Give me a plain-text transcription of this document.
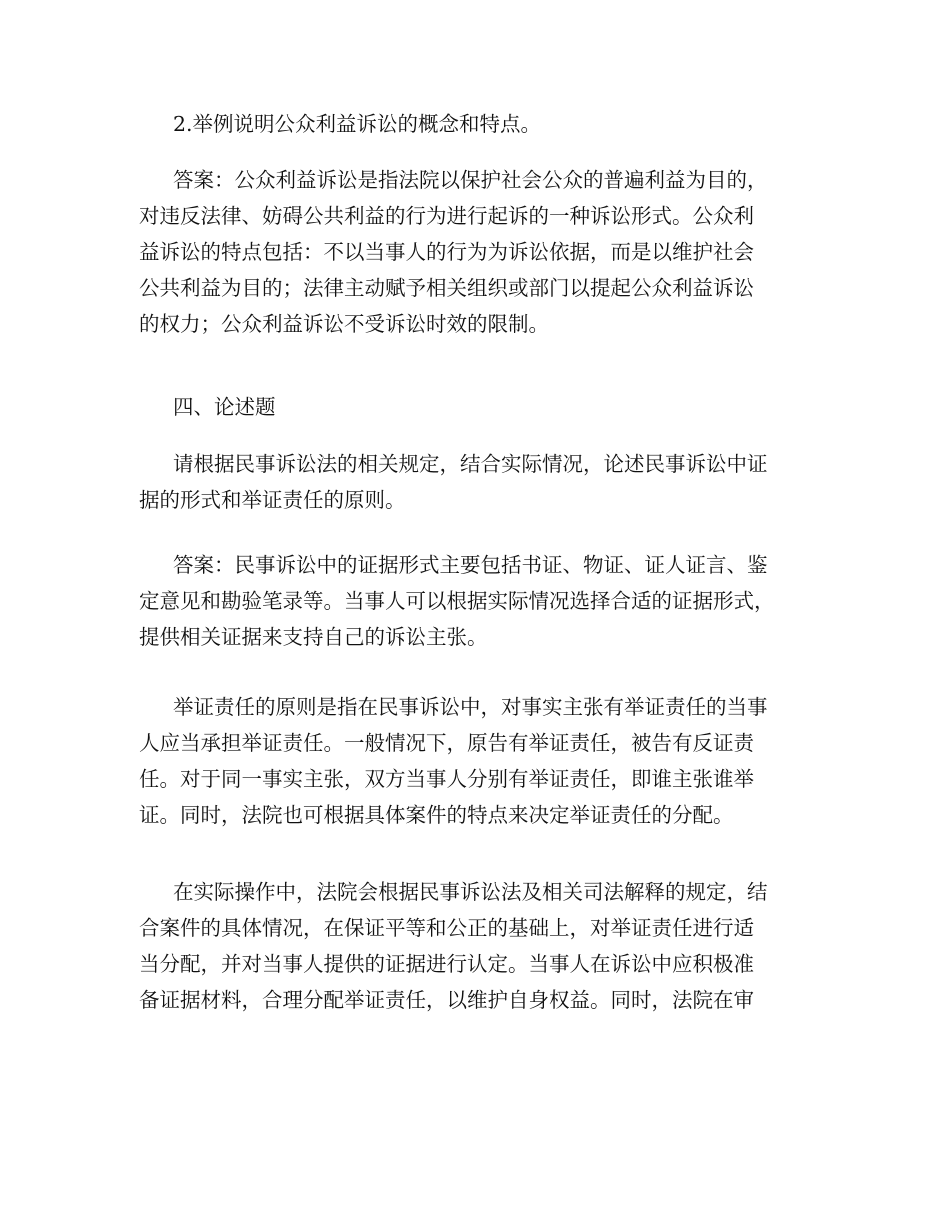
2.举例说明公众利益诉讼的概念和特点。

答案：公众利益诉讼是指法院以保护社会公众的普遍利益为目的，
对违反法律、妨碍公共利益的行为进行起诉的一种诉讼形式。公众利
益诉讼的特点包括：不以当事人的行为为诉讼依据，而是以维护社会
公共利益为目的；法律主动赋予相关组织或部门以提起公众利益诉讼
的权力；公众利益诉讼不受诉讼时效的限制。

四、论述题

请根据民事诉讼法的相关规定，结合实际情况，论述民事诉讼中证
据的形式和举证责任的原则。

答案：民事诉讼中的证据形式主要包括书证、物证、证人证言、鉴
定意见和勘验笔录等。当事人可以根据实际情况选择合适的证据形式，
提供相关证据来支持自己的诉讼主张。

举证责任的原则是指在民事诉讼中，对事实主张有举证责任的当事
人应当承担举证责任。一般情况下，原告有举证责任，被告有反证责
任。对于同一事实主张，双方当事人分别有举证责任，即谁主张谁举
证。同时，法院也可根据具体案件的特点来决定举证责任的分配。

在实际操作中，法院会根据民事诉讼法及相关司法解释的规定，结
合案件的具体情况，在保证平等和公正的基础上，对举证责任进行适
当分配，并对当事人提供的证据进行认定。当事人在诉讼中应积极准
备证据材料，合理分配举证责任，以维护自身权益。同时，法院在审
